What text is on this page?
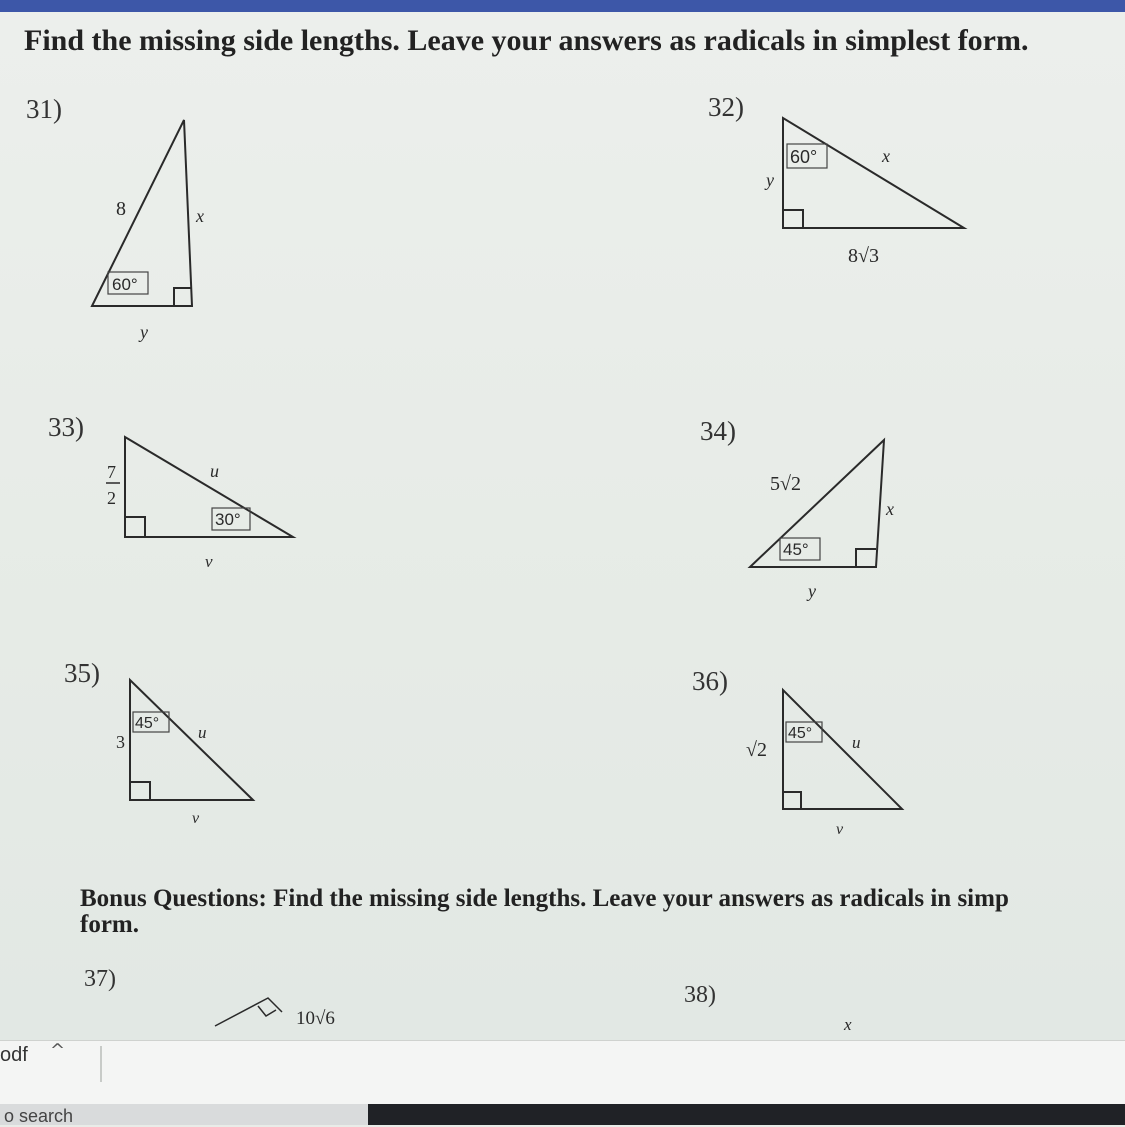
Find the missing side lengths. Leave your answers as radicals in simplest form.
31)	32)
33)	34)
35)	36)
8
60°
x
y
60°	x
y
8√3
7
2
u
30°
v
5√2
45°
x
y
45°
3	u
v
45°
√2	u
v
10√6	x
Bonus Questions: Find the missing side lengths. Leave your answers as radicals in simp
form.
37)
38)
odf ^
o search
